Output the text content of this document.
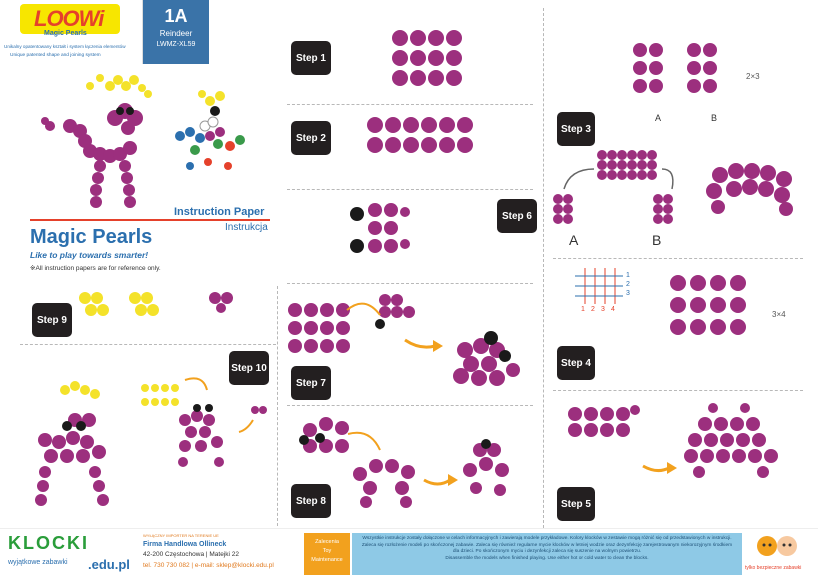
LOOWi
Magic Pearls
Unikalny opatentowany kształt i system łączenia elementów
Unique patented shape and joining system
1A
Reindeer
LWMZ-XL59
Instruction Paper
Instrukcja
Magic Pearls
Like to play towards smarter!
※All instruction papers are for reference only.
Step 1
Step 2
Step 6
Step 7
Step 8
Step 9
Step 10
Step 3
A	B
2×3
A	B
Step 4
1 2 3 4
1
2
3
3×4
Step 5
KLOCKI
wyjątkowe zabawki .edu.pl
WYŁĄCZNY IMPORTER NA TERENIE UE
Firma Handlowa Ollineck
42-200 Częstochowa | Matejki 22
tel. 730 730 082 | e-mail: sklep@klocki.edu.pl
Zalecenia
Toy
Maintenance
Wszystkie instrukcje zostały dołączone w celach informacyjnych i zawierają modele przykładowe. Kolory klocków w zestawie mogą różnić się od przedstawionych w instrukcji. Zaleca się rozłożenie modeli po skończonej zabawie. Zaleca się również regularne mycie klocków w letniej wodzie oraz dezynfekcję zarejestrowanym niekorozyjnym środkiem dla dzieci. Po skończonym myciu i dezynfekcji zaleca się suszenie na wolnym powietrzu.
Disassemble the models when finished playing. Use either hot or cold water to clean the blocks.
tylko bezpieczne zabawki
